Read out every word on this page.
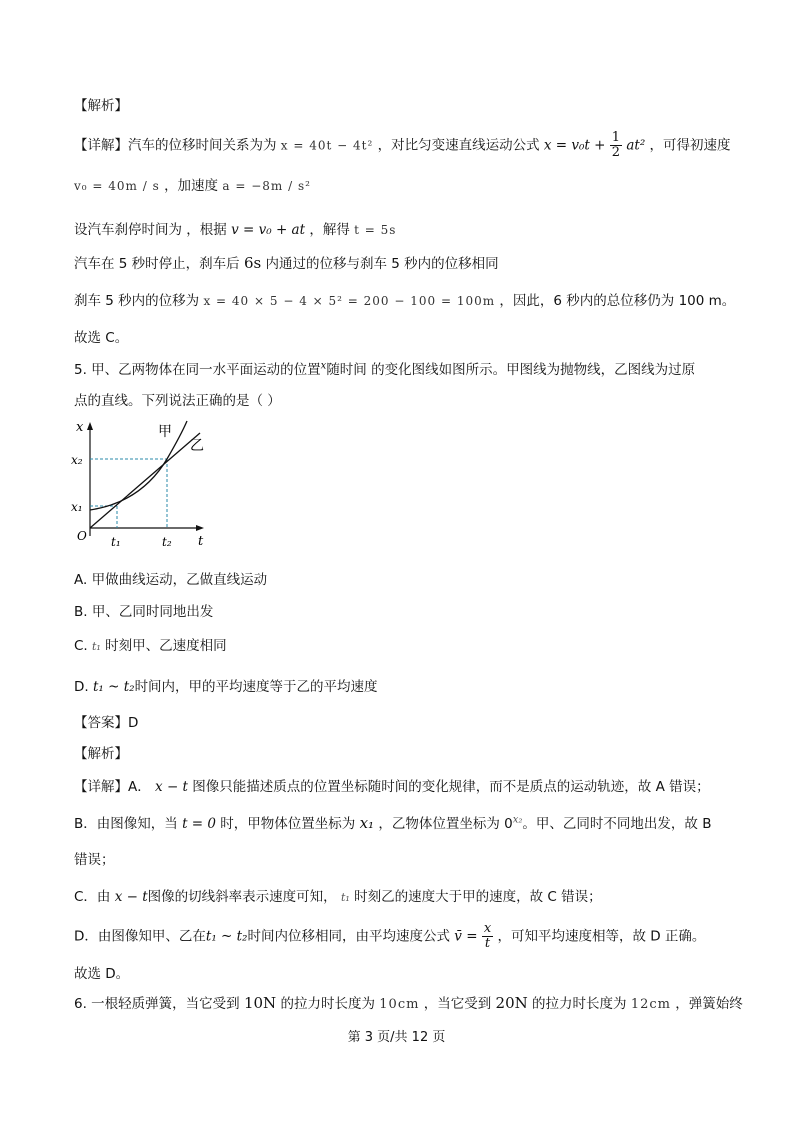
【解析】
【详解】汽车的位移时间关系为为 x = 40t − 4t² ，对比匀变速直线运动公式 $x = v_0t + \frac{1}{2} at^2$ ，可得初速度
v₀ = 40m / s ，加速度 a = −8m / s²
设汽车刹停时间为 ，根据 v = v₀ + at ，解得 t = 5s
汽车在 5 秒时停止，刹车后 6s 内通过的位移与刹车 5 秒内的位移相同
刹车 5 秒内的位移为 x = 40 × 5 − 4 × 5² = 200 − 100 = 100m ，因此，6 秒内的总位移仍为 100 m。
故选 C。
5. 甲、乙两物体在同一水平面运动的位置$^x$随时间 的变化图线如图所示。甲图线为抛物线，乙图线为过原
点的直线。下列说法正确的是（ ）
x
t
O
x₂
x₁
t₁	t₂
甲
乙
A. 甲做曲线运动，乙做直线运动
B. 甲、乙同时同地出发
C. t₁ 时刻甲、乙速度相同
D. t₁ ~ t₂时间内，甲的平均速度等于乙的平均速度
【答案】D
【解析】
【详解】A． x − t 图像只能描述质点的位置坐标随时间的变化规律，而不是质点的运动轨迹，故 A 错误；
B．由图像知，当 t = 0 时，甲物体位置坐标为 x₁ ，乙物体位置坐标为 $0^{x_2}$。甲、乙同时不同地出发，故 B
错误；
C．由 x − t图像的切线斜率表示速度可知， t₁ 时刻乙的速度大于甲的速度，故 C 错误；
D．由图像知甲、乙在t₁ ~ t₂时间内位移相同，由平均速度公式 v̄ = $\frac{x}{t}$ ，可知平均速度相等，故 D 正确。
故选 D。
6. 一根轻质弹簧，当它受到 10N 的拉力时长度为 10cm ，当它受到 20N 的拉力时长度为 12cm ，弹簧始终
第 3 页/共 12 页
